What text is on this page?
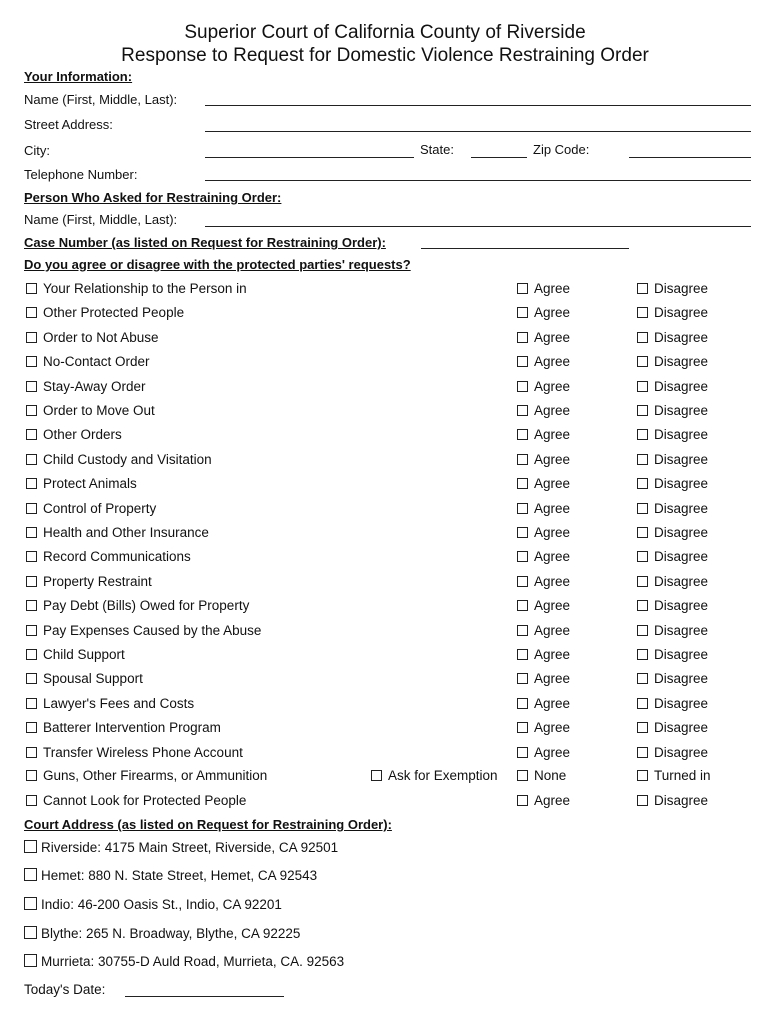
Superior Court of California County of Riverside
Response to Request for Domestic Violence Restraining Order
Your Information:
Name (First, Middle, Last):
Street Address:
City:	State:	Zip Code:
Telephone Number:
Person Who Asked for Restraining Order:
Name (First, Middle, Last):
Case Number (as listed on Request for Restraining Order):
Do you agree or disagree with the protected parties' requests?
Your Relationship to the Person in	Agree	Disagree
Other Protected People	Agree	Disagree
Order to Not Abuse	Agree	Disagree
No-Contact Order	Agree	Disagree
Stay-Away Order	Agree	Disagree
Order to Move Out	Agree	Disagree
Other Orders	Agree	Disagree
Child Custody and Visitation	Agree	Disagree
Protect Animals	Agree	Disagree
Control of Property	Agree	Disagree
Health and Other Insurance	Agree	Disagree
Record Communications	Agree	Disagree
Property Restraint	Agree	Disagree
Pay Debt (Bills) Owed for Property	Agree	Disagree
Pay Expenses Caused by the Abuse	Agree	Disagree
Child Support	Agree	Disagree
Spousal Support	Agree	Disagree
Lawyer's Fees and Costs	Agree	Disagree
Batterer Intervention Program	Agree	Disagree
Transfer Wireless Phone Account	Agree	Disagree
Guns, Other Firearms, or Ammunition	Ask for Exemption	None	Turned in
Cannot Look for Protected People	Agree	Disagree
Court Address (as listed on Request for Restraining Order):
Riverside: 4175 Main Street, Riverside, CA 92501
Hemet: 880 N. State Street, Hemet, CA 92543
Indio: 46-200 Oasis St., Indio, CA 92201
Blythe: 265 N. Broadway, Blythe, CA 92225
Murrieta: 30755-D Auld Road, Murrieta, CA. 92563
Today's Date:
